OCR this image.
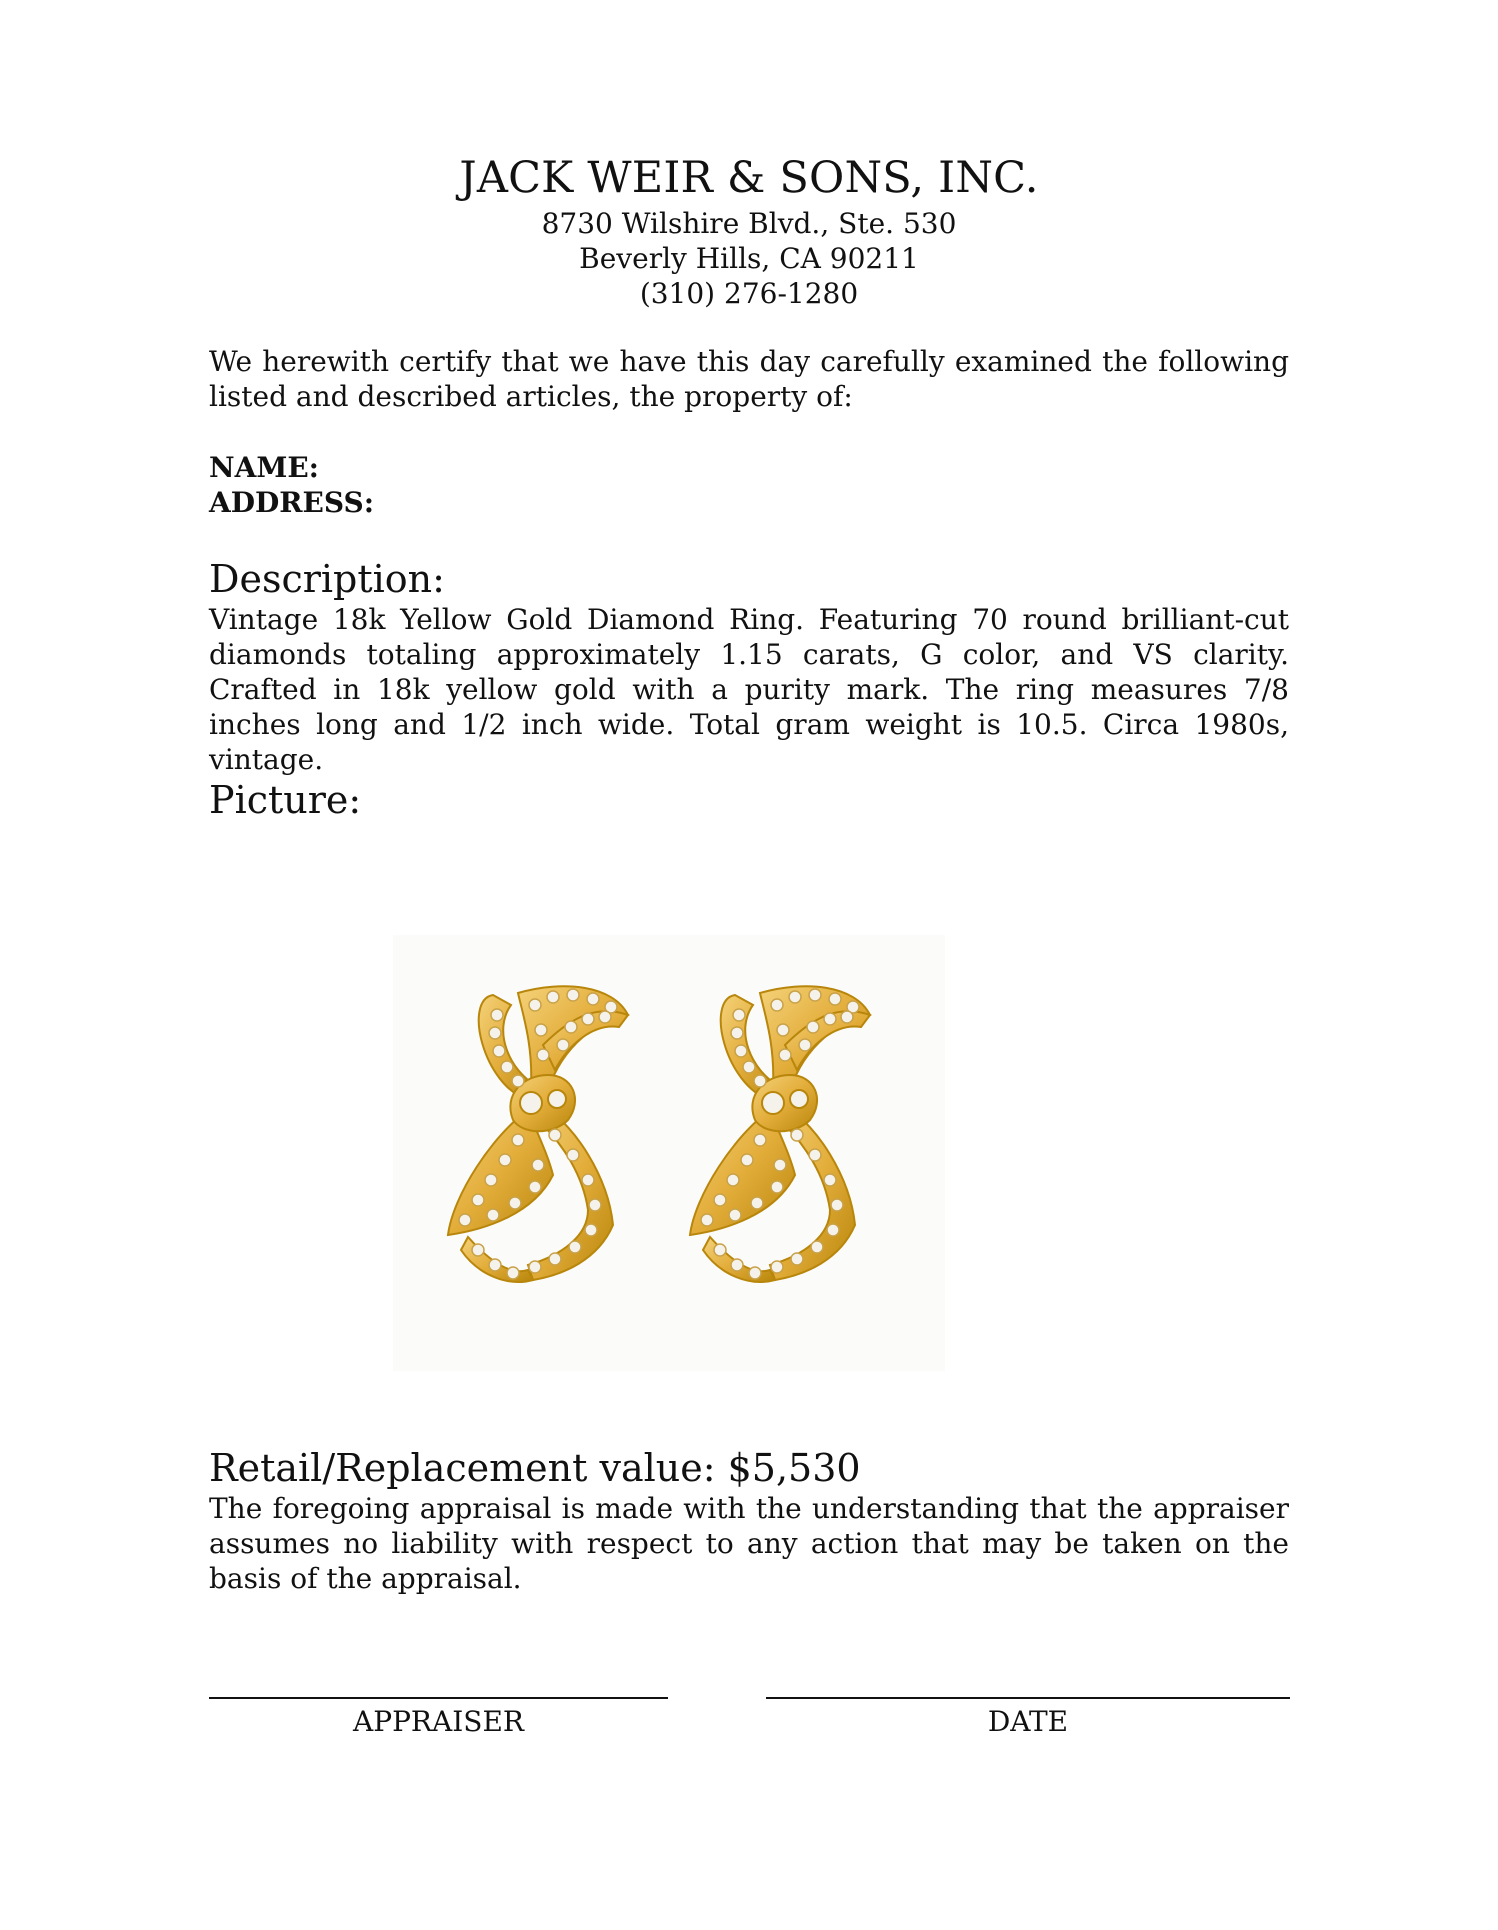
JACK WEIR & SONS, INC.
8730 Wilshire Blvd., Ste. 530
Beverly Hills, CA 90211
(310) 276-1280
We herewith certify that we have this day carefully examined the following listed and described articles, the property of:
NAME:
ADDRESS:
Description:
Vintage 18k Yellow Gold Diamond Ring. Featuring 70 round brilliant-cut diamonds totaling approximately 1.15 carats, G color, and VS clarity. Crafted in 18k yellow gold with a purity mark. The ring measures 7/8 inches long and 1/2 inch wide. Total gram weight is 10.5. Circa 1980s, vintage.
Picture:
Retail/Replacement value: $5,530
The foregoing appraisal is made with the understanding that the appraiser assumes no liability with respect to any action that may be taken on the basis of the appraisal.
APPRAISER	DATE
